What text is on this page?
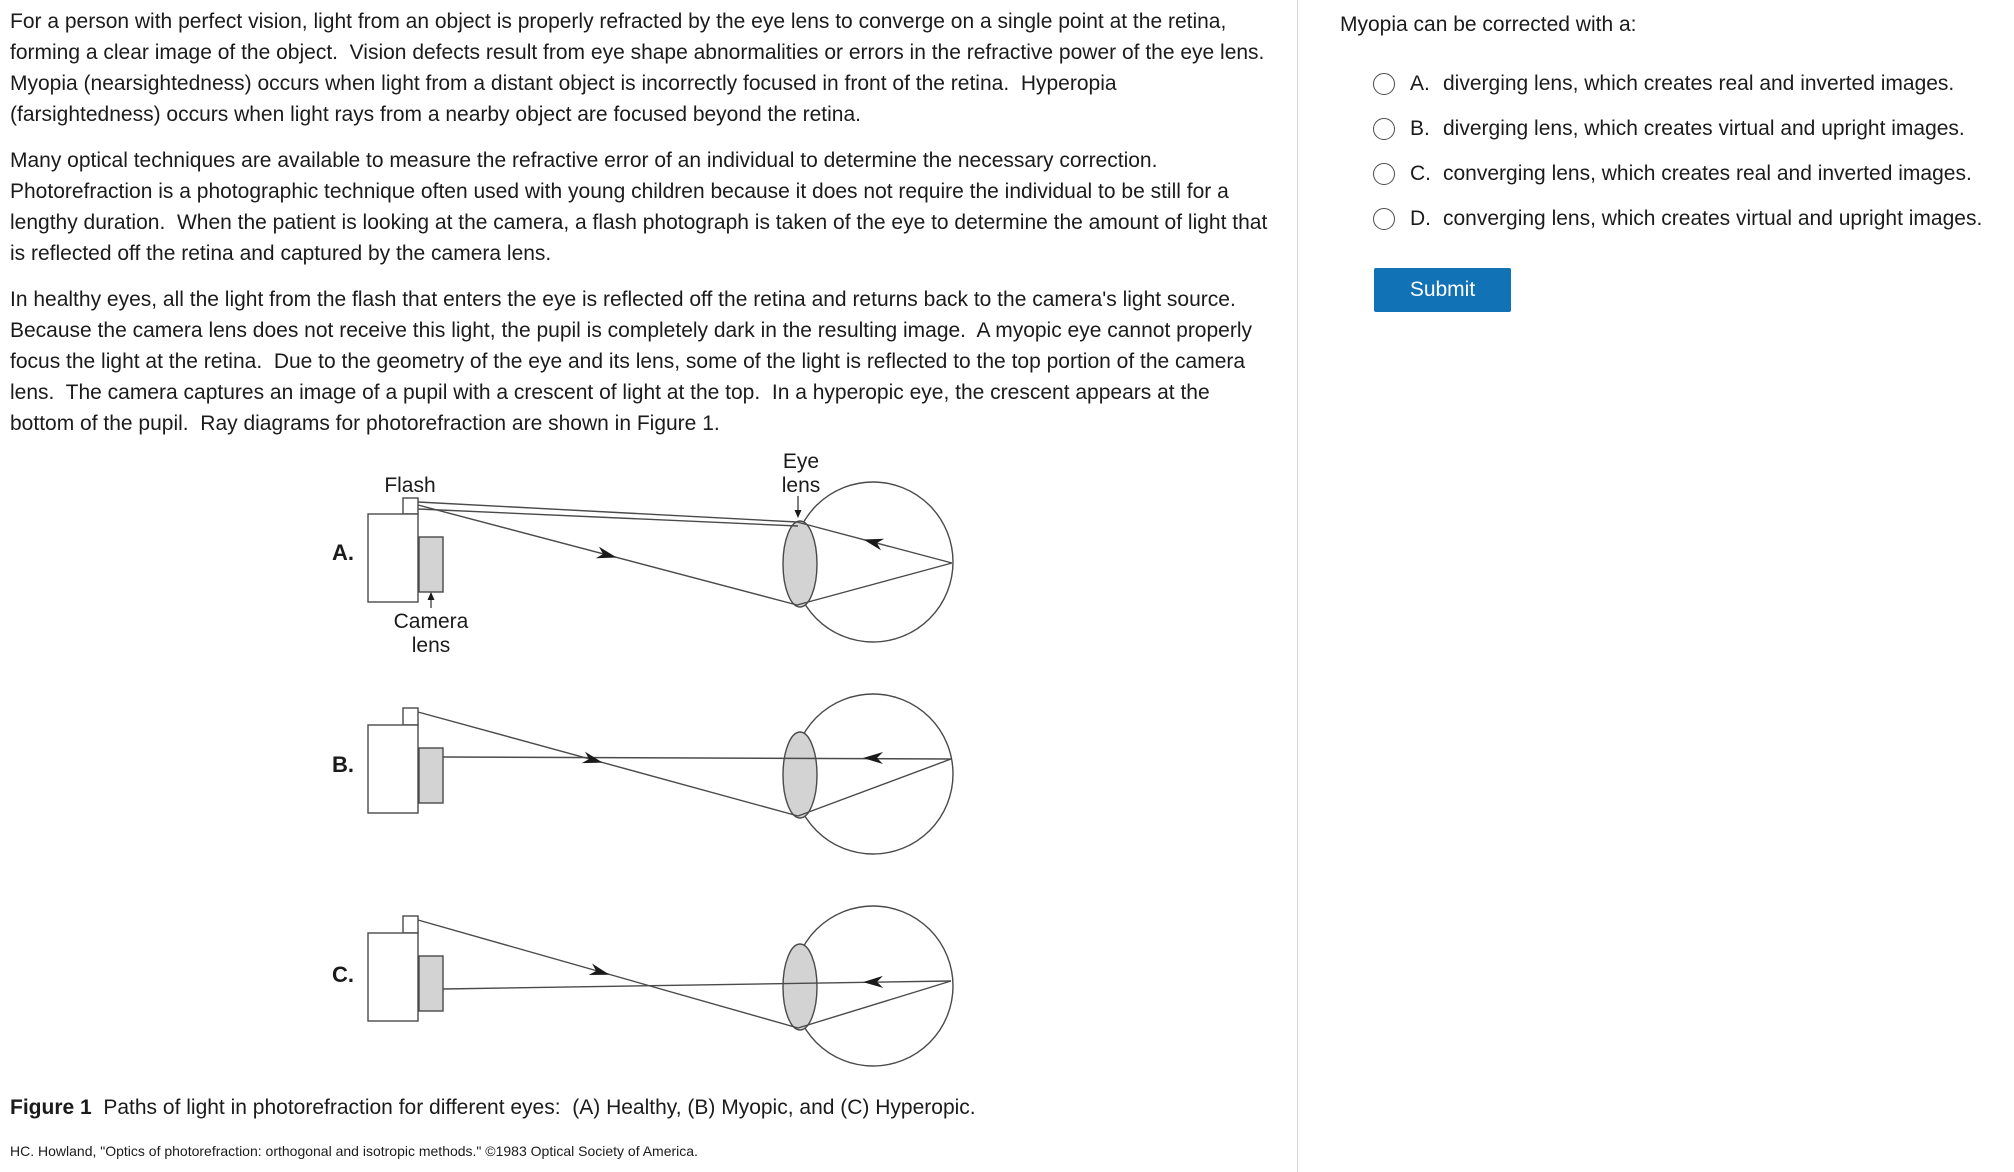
For a person with perfect vision, light from an object is properly refracted by the eye lens to converge on a single point at the retina, forming a clear image of the object.  Vision defects result from eye shape abnormalities or errors in the refractive power of the eye lens.  Myopia (nearsightedness) occurs when light from a distant object is incorrectly focused in front of the retina.  Hyperopia (farsightedness) occurs when light rays from a nearby object are focused beyond the retina.

Many optical techniques are available to measure the refractive error of an individual to determine the necessary correction.  Photorefraction is a photographic technique often used with young children because it does not require the individual to be still for a lengthy duration.  When the patient is looking at the camera, a flash photograph is taken of the eye to determine the amount of light that is reflected off the retina and captured by the camera lens.

In healthy eyes, all the light from the flash that enters the eye is reflected off the retina and returns back to the camera's light source.  Because the camera lens does not receive this light, the pupil is completely dark in the resulting image.  A myopic eye cannot properly focus the light at the retina.  Due to the geometry of the eye and its lens, some of the light is reflected to the top portion of the camera lens.  The camera captures an image of a pupil with a crescent of light at the top.  In a hyperopic eye, the crescent appears at the bottom of the pupil.  Ray diagrams for photorefraction are shown in Figure 1.

Flash
Camera
lens
Eye
lens
A.
B.
C.
Figure 1  Paths of light in photorefraction for different eyes:  (A) Healthy, (B) Myopic, and (C) Hyperopic.
HC. Howland, "Optics of photorefraction: orthogonal and isotropic methods." ©1983 Optical Society of America.
Myopia can be corrected with a:
A. diverging lens, which creates real and inverted images.
B. diverging lens, which creates virtual and upright images.
C. converging lens, which creates real and inverted images.
D. converging lens, which creates virtual and upright images.
Submit
